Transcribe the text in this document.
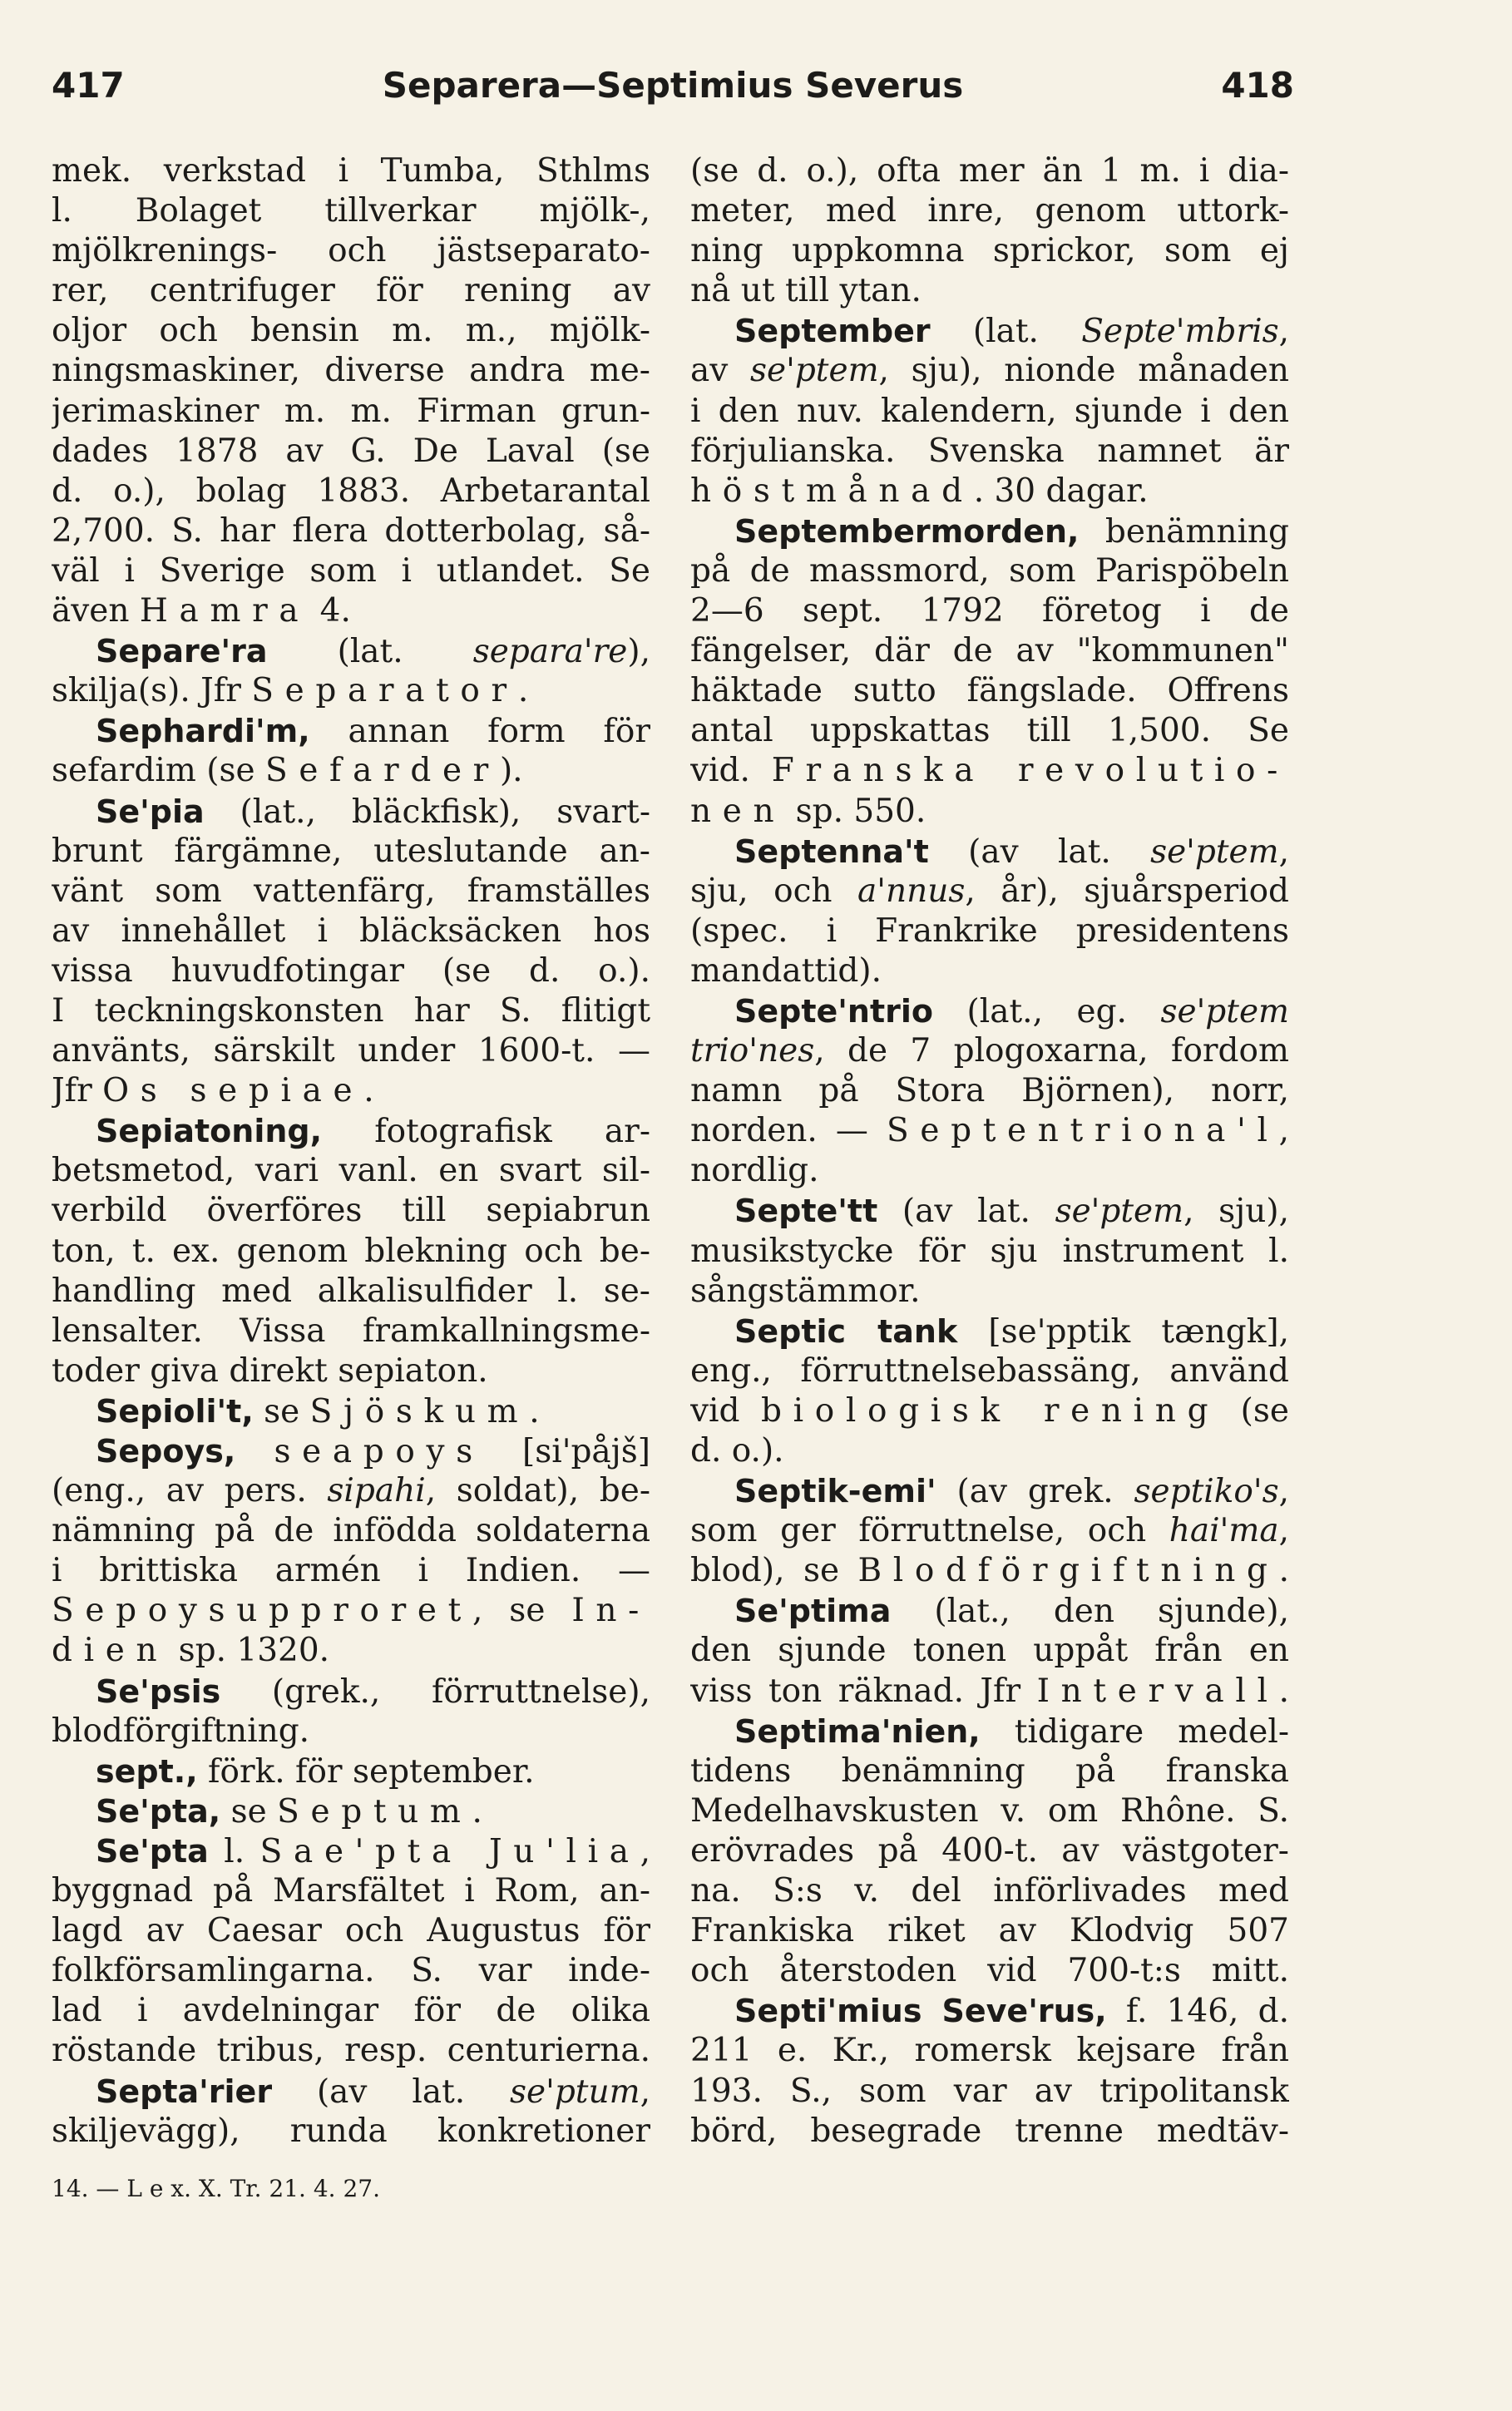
417	Separera—Septimius Severus	418
mek. verkstad i Tumba, Sthlms
l. Bolaget tillverkar mjölk-,
mjölkrenings- och jästseparato-
rer, centrifuger för rening av
oljor och bensin m. m., mjölk-
ningsmaskiner, diverse andra me-
jerimaskiner m. m. Firman grun-
dades 1878 av G. De Laval (se
d. o.), bolag 1883. Arbetarantal
2,700. S. har flera dotterbolag, så-
väl i Sverige som i utlandet. Se
även Hamra 4.
Separe'ra (lat. separa're),
skilja(s). Jfr Separator.
Sephardi'm, annan form för
sefardim (se Sefarder).
Se'pia (lat., bläckfisk), svart-
brunt färgämne, uteslutande an-
vänt som vattenfärg, framställes
av innehållet i bläcksäcken hos
vissa huvudfotingar (se d. o.).
I teckningskonsten har S. flitigt
använts, särskilt under 1600-t. —
Jfr Os sepiae.
Sepiatoning, fotografisk ar-
betsmetod, vari vanl. en svart sil-
verbild överföres till sepiabrun
ton, t. ex. genom blekning och be-
handling med alkalisulfider l. se-
lensalter. Vissa framkallningsme-
toder giva direkt sepiaton.
Sepioli't, se Sjöskum.
Sepoys, seapoys [si'påjš]
(eng., av pers. sipahi, soldat), be-
nämning på de infödda soldaterna
i brittiska armén i Indien. —
Sepoysupproret, se In-
dien sp. 1320.
Se'psis (grek., förruttnelse),
blodförgiftning.
sept., förk. för september.
Se'pta, se Septum.
Se'pta l. Sae'pta Ju'lia,
byggnad på Marsfältet i Rom, an-
lagd av Caesar och Augustus för
folkförsamlingarna. S. var inde-
lad i avdelningar för de olika
röstande tribus, resp. centurierna.
Septa'rier (av lat. se'ptum,
skiljevägg), runda konkretioner
(se d. o.), ofta mer än 1 m. i dia-
meter, med inre, genom uttork-
ning uppkomna sprickor, som ej
nå ut till ytan.
September (lat. Septe'mbris,
av se'ptem, sju), nionde månaden
i den nuv. kalendern, sjunde i den
förjulianska. Svenska namnet är
höstmånad. 30 dagar.
Septembermorden, benämning
på de massmord, som Parispöbeln
2—6 sept. 1792 företog i de
fängelser, där de av "kommunen"
häktade sutto fängslade. Offrens
antal uppskattas till 1,500. Se
vid. Franska revolutio-
nen sp. 550.
Septenna't (av lat. se'ptem,
sju, och a'nnus, år), sjuårsperiod
(spec. i Frankrike presidentens
mandattid).
Septe'ntrio (lat., eg. se'ptem
trio'nes, de 7 plogoxarna, fordom
namn på Stora Björnen), norr,
norden. — Septentriona'l,
nordlig.
Septe'tt (av lat. se'ptem, sju),
musikstycke för sju instrument l.
sångstämmor.
Septic tank [se'pptik tængk],
eng., förruttnelsebassäng, använd
vid biologisk rening (se
d. o.).
Septik-emi' (av grek. septiko's,
som ger förruttnelse, och hai'ma,
blod), se Blodförgiftning.
Se'ptima (lat., den sjunde),
den sjunde tonen uppåt från en
viss ton räknad. Jfr Intervall.
Septima'nien, tidigare medel-
tidens benämning på franska
Medelhavskusten v. om Rhône. S.
erövrades på 400-t. av västgoter-
na. S:s v. del införlivades med
Frankiska riket av Klodvig 507
och återstoden vid 700-t:s mitt.
Septi'mius Seve'rus, f. 146, d.
211 e. Kr., romersk kejsare från
193. S., som var av tripolitansk
börd, besegrade trenne medtäv-
14. — L e x. X. Tr. 21. 4. 27.
